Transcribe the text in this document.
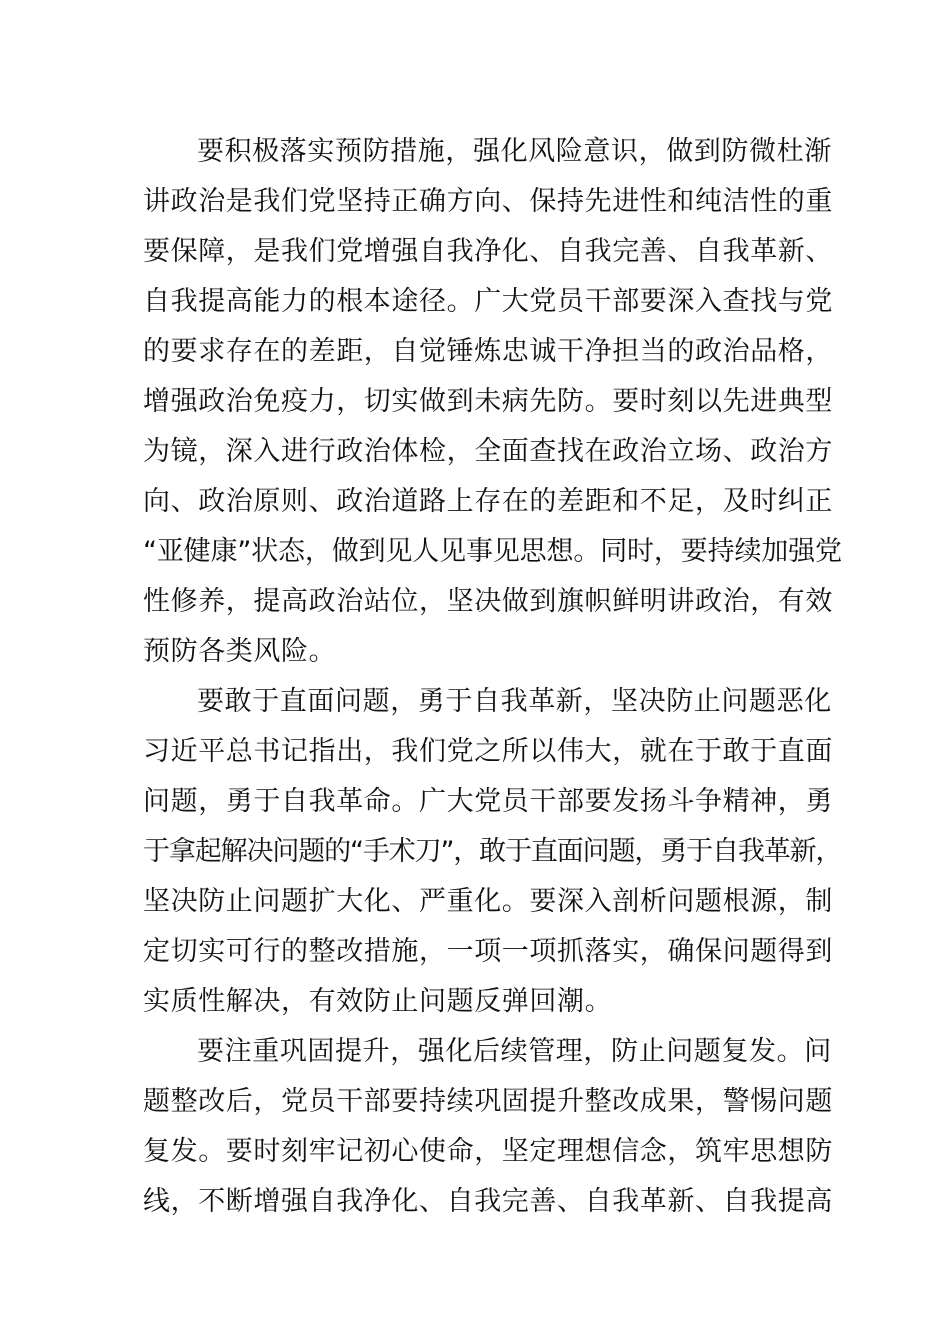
要积极落实预防措施，强化风险意识，做到防微杜渐
讲政治是我们党坚持正确方向、保持先进性和纯洁性的重
要保障，是我们党增强自我净化、自我完善、自我革新、
自我提高能力的根本途径。广大党员干部要深入查找与党
的要求存在的差距，自觉锤炼忠诚干净担当的政治品格，
增强政治免疫力，切实做到未病先防。要时刻以先进典型
为镜，深入进行政治体检，全面查找在政治立场、政治方
向、政治原则、政治道路上存在的差距和不足，及时纠正
“亚健康”状态，做到见人见事见思想。同时，要持续加强党
性修养，提高政治站位，坚决做到旗帜鲜明讲政治，有效
预防各类风险。
要敢于直面问题，勇于自我革新，坚决防止问题恶化
习近平总书记指出，我们党之所以伟大，就在于敢于直面
问题，勇于自我革命。广大党员干部要发扬斗争精神，勇
于拿起解决问题的“手术刀”，敢于直面问题，勇于自我革新，
坚决防止问题扩大化、严重化。要深入剖析问题根源，制
定切实可行的整改措施，一项一项抓落实，确保问题得到
实质性解决，有效防止问题反弹回潮。
要注重巩固提升，强化后续管理，防止问题复发。问
题整改后，党员干部要持续巩固提升整改成果，警惕问题
复发。要时刻牢记初心使命，坚定理想信念，筑牢思想防
线，不断增强自我净化、自我完善、自我革新、自我提高
